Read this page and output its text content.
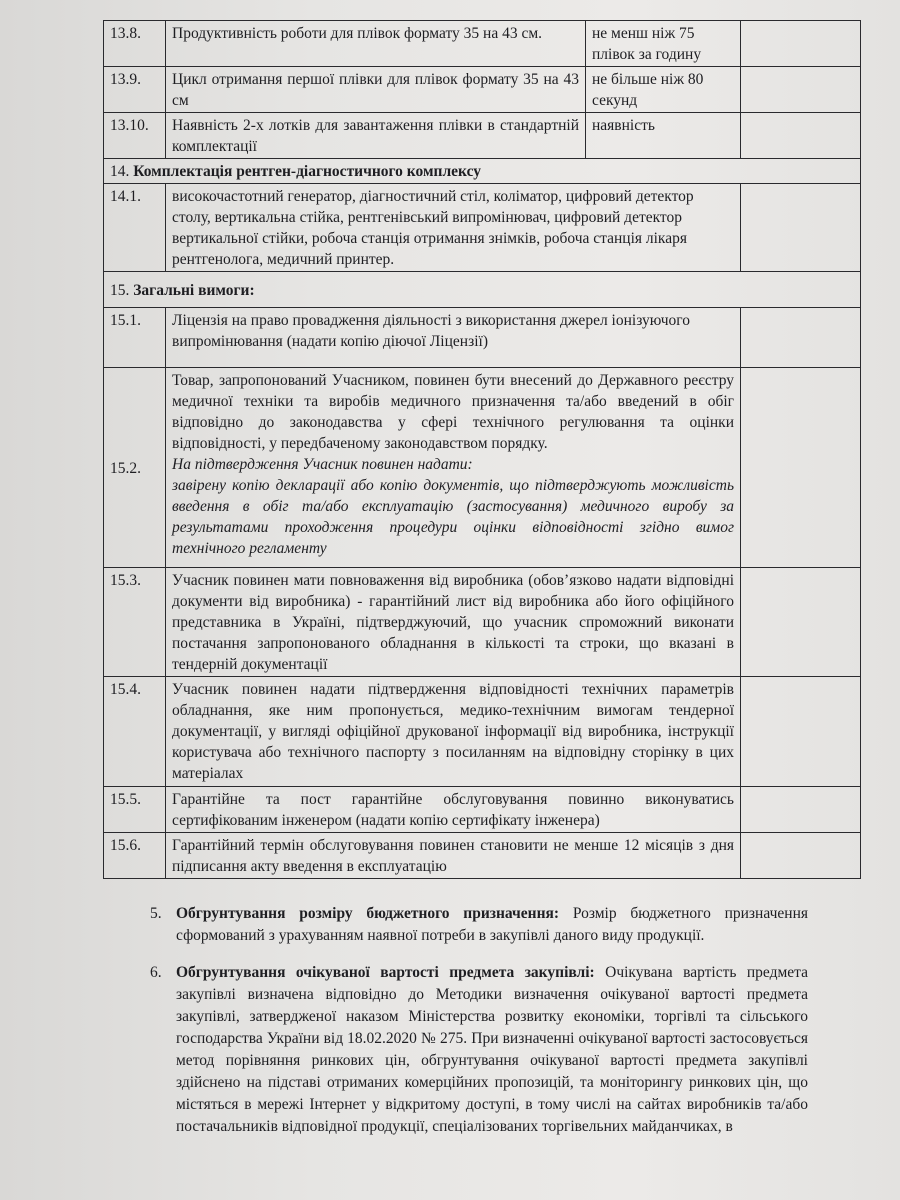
13.8.	Продуктивність роботи для плівок формату 35 на 43 см.	не менш ніж 75 плівок за годину	
13.9.	Цикл отримання першої плівки для плівок формату 35 на 43 см	не більше ніж 80 секунд	
13.10.	Наявність 2-х лотків для завантаження плівки в стандартній комплектації	наявність	
14. Комплектація рентген-діагностичного комплексу			
14.1.	високочастотний генератор, діагностичний стіл, коліматор, цифровий детектор столу, вертикальна стійка, рентгенівський випромінювач, цифровий детектор вертикальної стійки, робоча станція отримання знімків, робоча станція лікаря рентгенолога, медичний принтер.		
15. Загальні вимоги:			
15.1.	Ліцензія на право провадження діяльності з використання джерел іонізуючого випромінювання (надати копію діючої Ліцензії)		
15.2.	Товар, запропонований Учасником, повинен бути внесений до Державного реєстру медичної техніки та виробів медичного призначення та/або введений в обіг відповідно до законодавства у сфері технічного регулювання та оцінки відповідності, у передбаченому законодавством порядку.
На підтвердження Учасник повинен надати:
завірену копію декларації або копію документів, що підтверджують можливість введення в обіг та/або експлуатацію (застосування) медичного виробу за результатами проходження процедури оцінки відповідності згідно вимог технічного регламенту		

15.3.	Учасник повинен мати повноваження від виробника (обов’язково надати відповідні документи від виробника) - гарантійний лист від виробника або його офіційного представника в Україні, підтверджуючий, що учасник спроможний виконати постачання запропонованого обладнання в кількості та строки, що вказані в тендерній документації		
15.4.	Учасник повинен надати підтвердження відповідності технічних параметрів обладнання, яке ним пропонується, медико-технічним вимогам тендерної документації, у вигляді офіційної друкованої інформації від виробника, інструкції користувача або технічного паспорту з посиланням на відповідну сторінку в цих матеріалах		
15.5.	Гарантійне та пост гарантійне обслуговування повинно виконуватись сертифікованим інженером (надати копію сертифікату інженера)		
15.6.	Гарантійний термін обслуговування повинен становити не менше 12 місяців з дня підписання акту введення в експлуатацію		
5. Обгрунтування розміру бюджетного призначення: Розмір бюджетного призначення сформований з урахуванням наявної потреби в закупівлі даного виду продукції.
6. Обгрунтування очікуваної вартості предмета закупівлі: Очікувана вартість предмета закупівлі визначена відповідно до Методики визначення очікуваної вартості предмета закупівлі, затвердженої наказом Міністерства розвитку економіки, торгівлі та сільського господарства України від 18.02.2020 № 275. При визначенні очікуваної вартості застосовується метод порівняння ринкових цін, обгрунтування очікуваної вартості предмета закупівлі здійснено на підставі отриманих комерційних пропозицій, та моніторингу ринкових цін, що містяться в мережі Інтернет у відкритому доступі, в тому числі на сайтах виробників та/або постачальників відповідної продукції, спеціалізованих торгівельних майданчиках, в
